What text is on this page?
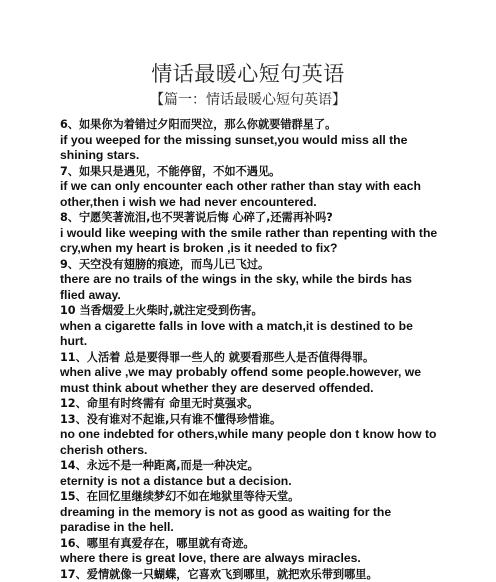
情话最暖心短句英语
【篇一：情话最暖心短句英语】
6、如果你为着错过夕阳而哭泣，那么你就要错群星了。
if you weeped for the missing sunset,you would miss all the shining stars.
7、如果只是遇见，不能停留，不如不遇见。
if we can only encounter each other rather than stay with each other,then i wish we had never encountered.
8、宁愿笑著流泪,也不哭著说后悔 心碎了,还需再补吗?
i would like weeping with the smile rather than repenting with the cry,when my heart is broken ,is it needed to fix?
9、天空没有翅膀的痕迹，而鸟儿已飞过。
there are no trails of the wings in the sky, while the birds has flied away.
10 当香烟爱上火柴时,就注定受到伤害。
when a cigarette falls in love with a match,it is destined to be hurt.
11、人活着 总是要得罪一些人的 就要看那些人是否值得得罪。
when alive ,we may probably offend some people.however, we must think about whether they are deserved offended.
12、命里有时终需有 命里无时莫强求。
13、没有谁对不起谁,只有谁不懂得珍惜谁。
no one indebted for others,while many people don t know how to cherish others.
14、永远不是一种距离,而是一种决定。
eternity is not a distance but a decision.
15、在回忆里继续梦幻不如在地狱里等待天堂。
dreaming in the memory is not as good as waiting for the paradise in the hell.
16、哪里有真爱存在，哪里就有奇迹。
where there is great love, there are always miracles.
17、爱情就像一只蝴蝶，它喜欢飞到哪里，就把欢乐带到哪里。
